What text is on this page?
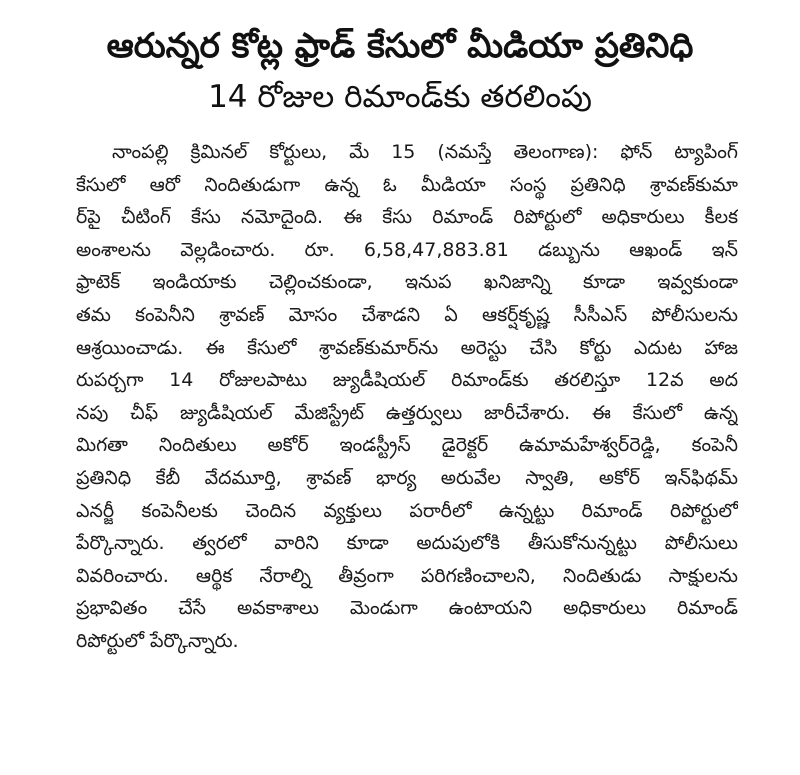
ఆరున్నర కోట్ల ఫ్రాడ్ కేసులో మీడియా ప్రతినిధి
14 రోజుల రిమాండ్‌కు తరలింపు
నాంపల్లి క్రిమినల్ కోర్టులు, మే 15 (నమస్తే తెలంగాణ): ఫోన్ ట్యాపింగ్
కేసులో ఆరో నిందితుడుగా ఉన్న ఓ మీడియా సంస్థ ప్రతినిధి శ్రావణ్‌కుమా
ర్‌పై చీటింగ్ కేసు నమోదైంది. ఈ కేసు రిమాండ్ రిపోర్టులో అధికారులు కీలక
అంశాలను వెల్లడించారు. రూ. 6,58,47,883.81 డబ్బును ఆఖండ్ ఇన్
ఫ్రాటెక్ ఇండియాకు చెల్లించకుండా, ఇనుప ఖనిజాన్ని కూడా ఇవ్వకుండా
తమ కంపెనీని శ్రావణ్ మోసం చేశాడని ఏ ఆకర్ష్‌కృష్ణ సీసీఎస్ పోలీసులను
ఆశ్రయించాడు. ఈ కేసులో శ్రావణ్‌కుమార్‌ను అరెస్టు చేసి కోర్టు ఎదుట హాజ
రుపర్చగా 14 రోజులపాటు జ్యుడీషియల్ రిమాండ్‌కు తరలిస్తూ 12వ అద
నపు చీఫ్ జ్యుడీషియల్ మేజిస్ట్రేట్ ఉత్తర్వులు జారీచేశారు. ఈ కేసులో ఉన్న
మిగతా నిందితులు అకోర్ ఇండస్ట్రీస్ డైరెక్టర్ ఉమామహేశ్వర్‌రెడ్డి, కంపెనీ
ప్రతినిధి కేబీ వేదమూర్తి, శ్రావణ్ భార్య అరువేల స్వాతి, అకోర్ ఇన్‌ఫిథమ్
ఎనర్జీ కంపెనీలకు చెందిన వ్యక్తులు పరారీలో ఉన్నట్టు రిమాండ్ రిపోర్టులో
పేర్కొన్నారు. త్వరలో వారిని కూడా అదుపులోకి తీసుకోనున్నట్టు పోలీసులు
వివరించారు. ఆర్థిక నేరాల్ని తీవ్రంగా పరిగణించాలని, నిందితుడు సాక్షులను
ప్రభావితం చేసే అవకాశాలు మెండుగా ఉంటాయని అధికారులు రిమాండ్
రిపోర్టులో పేర్కొన్నారు.
